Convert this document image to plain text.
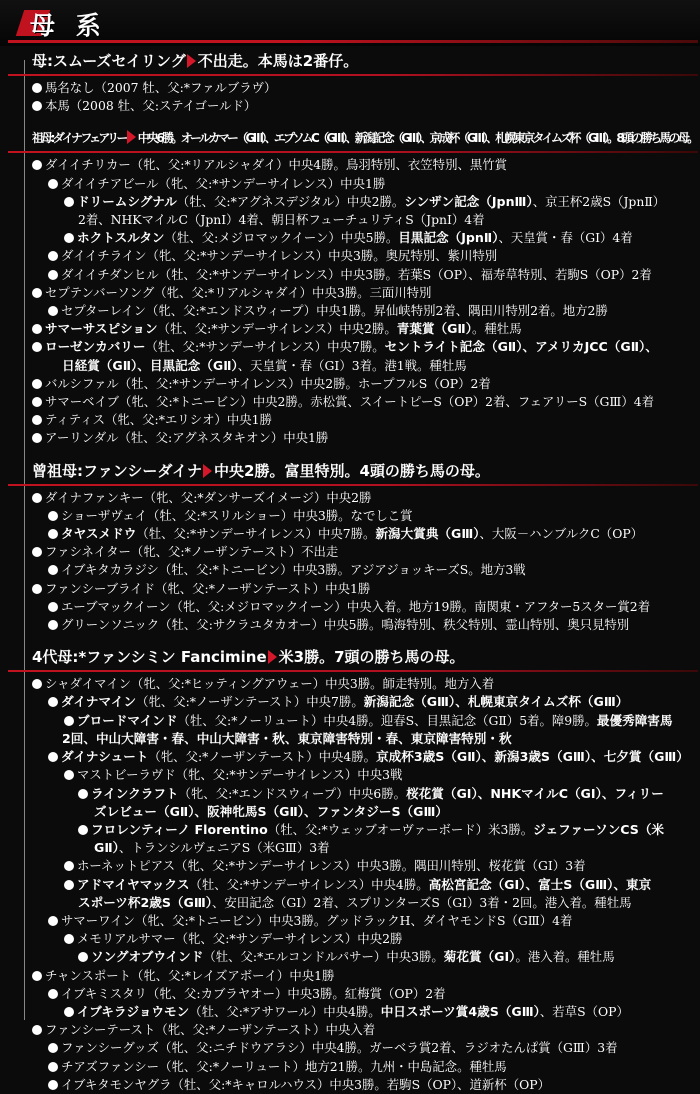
母 系
母:スムーズセイリング 不出走。本馬は2番仔。
馬名なし（2007 牡、父:*ファルブラヴ）
本馬（2008 牡、父:ステイゴールド）
祖母:ダイナフェアリー 中央6勝。オールカマー（GⅢ）、エプソムC（GⅢ）、新潟記念（GⅢ）、京成杯（GⅢ）、札幌東京タイムズ杯（GⅢ）。8頭の勝ち馬の母。
ダイイチリカー（牝、父:*リアルシャダイ）中央4勝。鳥羽特別、衣笠特別、黒竹賞
ダイイチアビール（牝、父:*サンデーサイレンス）中央1勝
ドリームシグナル（牡、父:*アグネスデジタル）中央2勝。シンザン記念（JpnⅢ）、京王杯2歳S（JpnⅡ）
2着、NHKマイルC（JpnⅠ）4着、朝日杯フューチュリティS（JpnⅠ）4着
ホクトスルタン（牡、父:メジロマックイーン）中央5勝。目黒記念（JpnⅡ）、天皇賞・春（GⅠ）4着
ダイイチライン（牝、父:*サンデーサイレンス）中央3勝。奥尻特別、紫川特別
ダイイチダンヒル（牡、父:*サンデーサイレンス）中央3勝。若葉S（OP）、福寿草特別、若駒S（OP）2着
セプテンバーソング（牝、父:*リアルシャダイ）中央3勝。三面川特別
セプターレイン（牝、父:*エンドスウィープ）中央1勝。昇仙峡特別2着、隅田川特別2着。地方2勝
サマーサスピション（牡、父:*サンデーサイレンス）中央2勝。青葉賞（GⅡ）。種牡馬
ローゼンカバリー（牡、父:*サンデーサイレンス）中央7勝。セントライト記念（GⅡ）、アメリカJCC（GⅡ）、
日経賞（GⅡ）、目黒記念（GⅡ）、天皇賞・春（GⅠ）3着。港1戦。種牡馬
バルシファル（牡、父:*サンデーサイレンス）中央2勝。ホープフルS（OP）2着
サマーベイブ（牝、父:*トニービン）中央2勝。赤松賞、スイートピーS（OP）2着、フェアリーS（GⅢ）4着
ティティス（牝、父:*エリシオ）中央1勝
アーリンダル（牡、父:アグネスタキオン）中央1勝
曾祖母:ファンシーダイナ 中央2勝。富里特別。4頭の勝ち馬の母。
ダイナファンキー（牝、父:*ダンサーズイメージ）中央2勝
ショーザヴェイ（牡、父:*スリルショー）中央3勝。なでしこ賞
タヤスメドウ（牡、父:*サンデーサイレンス）中央7勝。新潟大賞典（GⅢ）、大阪－ハンブルクC（OP）
ファシネイター（牝、父:*ノーザンテースト）不出走
イブキタカラジシ（牡、父:*トニービン）中央3勝。アジアジョッキーズS。地方3戦
ファンシーブライド（牝、父:*ノーザンテースト）中央1勝
エーブマックイーン（牝、父:メジロマックイーン）中央入着。地方19勝。南関東・アフター5スター賞2着
グリーンソニック（牡、父:サクラユタカオー）中央5勝。鳴海特別、秩父特別、霊山特別、奥只見特別
4代母:*ファンシミン Fancimine 米3勝。7頭の勝ち馬の母。
シャダイマイン（牝、父:*ヒッティングアウェー）中央3勝。師走特別。地方入着
ダイナマイン（牝、父:*ノーザンテースト）中央7勝。新潟記念（GⅢ）、札幌東京タイムズ杯（GⅢ）
ブロードマインド（牡、父:*ノーリュート）中央4勝。迎春S、目黒記念（GⅡ）5着。障9勝。最優秀障害馬
2回、中山大障害・春、中山大障害・秋、東京障害特別・春、東京障害特別・秋
ダイナシュート（牝、父:*ノーザンテースト）中央4勝。京成杯3歳S（GⅡ）、新潟3歳S（GⅢ）、七夕賞（GⅢ）
マストビーラヴド（牝、父:*サンデーサイレンス）中央3戦
ラインクラフト（牝、父:*エンドスウィープ）中央6勝。桜花賞（GⅠ）、NHKマイルC（GⅠ）、フィリー
ズレビュー（GⅡ）、阪神牝馬S（GⅡ）、ファンタジーS（GⅢ）
フロレンティーノ Florentino（牡、父:*ウェッブオーヴァーボード）米3勝。ジェファーソンCS（米
GⅡ）、トランシルヴェニアS（米GⅢ）3着
ホーネットピアス（牝、父:*サンデーサイレンス）中央3勝。隅田川特別、桜花賞（GⅠ）3着
アドマイヤマックス（牡、父:*サンデーサイレンス）中央4勝。高松宮記念（GⅠ）、富士S（GⅢ）、東京
スポーツ杯2歳S（GⅢ）、安田記念（GⅠ）2着、スプリンターズS（GⅠ）3着・2回。港入着。種牡馬
サマーワイン（牝、父:*トニービン）中央3勝。グッドラックH、ダイヤモンドS（GⅢ）4着
メモリアルサマー（牝、父:*サンデーサイレンス）中央2勝
ソングオブウインド（牡、父:*エルコンドルパサー）中央3勝。菊花賞（GⅠ）。港入着。種牡馬
チャンスポート（牝、父:*レイズアボーイ）中央1勝
イブキミスタリ（牝、父:カブラヤオー）中央3勝。紅梅賞（OP）2着
イブキラジョウモン（牡、父:*アサワール）中央4勝。中日スポーツ賞4歳S（GⅢ）、若草S（OP）
ファンシーテースト（牝、父:*ノーザンテースト）中央入着
ファンシーグッズ（牝、父:ニチドウアラシ）中央4勝。ガーベラ賞2着、ラジオたんぱ賞（GⅢ）3着
チアズファンシー（牝、父:*ノーリュート）地方21勝。九州・中島記念。種牡馬
イブキタモンヤグラ（牡、父:*キャロルハウス）中央3勝。若駒S（OP）、道新杯（OP）
